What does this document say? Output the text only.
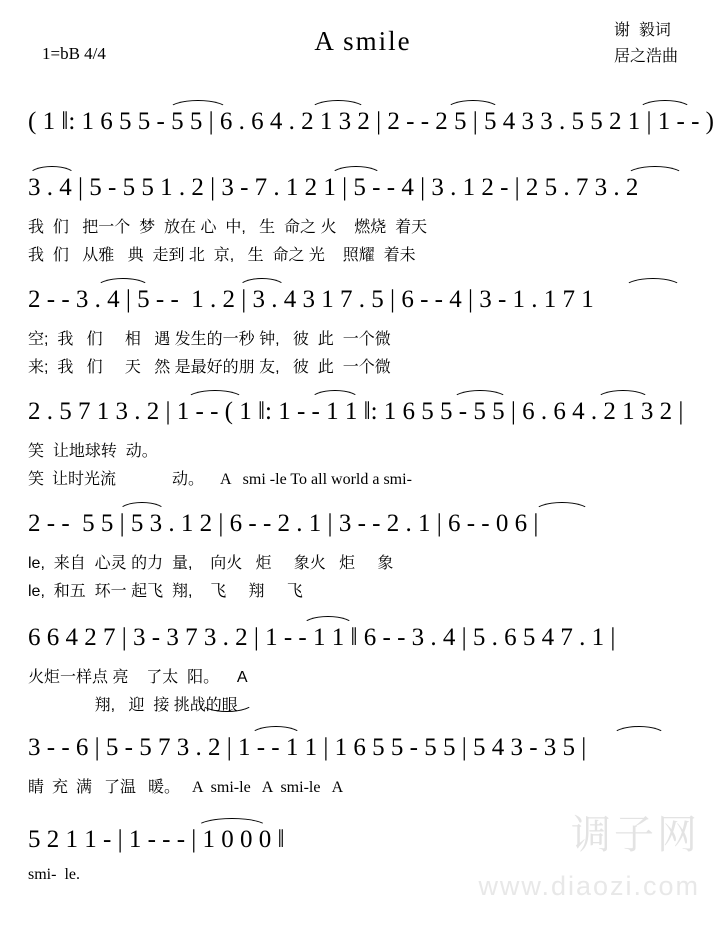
A smile
1=bB 4/4
谢  毅词
居之浩曲
( 1 ‖: 1 6 5 5 - 5 5 | 6 . 6 4 . 2 1 3 2 | 2 - - 2 5 | 5 4 3 3 . 5 5 2 1 | 1 - - )
3 . 4 | 5 - 5 5 1 . 2 | 3 - 7 . 1 2 1 | 5 - - 4 | 3 . 1 2 - | 2 5 . 7 3 . 2
我  们   把一个  梦  放在 心  中,   生  命之 火    燃烧  着天
我  们   从雅   典  走到 北  京,   生  命之 光    照耀  着未
2 - - 3 . 4 | 5 - -  1 . 2 | 3 . 4 3 1 7 . 5 | 6 - - 4 | 3 - 1 . 1 7 1
空;  我   们     相   遇 发生的一秒 钟,   彼  此  一个微
来;  我   们     天   然 是最好的朋 友,   彼  此  一个微
2 . 5 7 1 3 . 2 | 1 - - ( 1 ‖: 1 - - 1 1 ‖: 1 6 5 5 - 5 5 | 6 . 6 4 . 2 1 3 2 |
笑  让地球转  动。
笑  让时光流              动。    A   smi -le To all world a smi-
2 - -  5 5 | 5 3 . 1 2 | 6 - - 2 . 1 | 3 - - 2 . 1 | 6 - - 0 6 |
le,  来自  心灵 的力  量,    向火   炬     象火   炬     象
le,  和五  环一 起飞  翔,    飞     翔     飞
6 6 4 2 7 | 3 - 3 7 3 . 2 | 1 - - 1 1 ‖ 6 - - 3 . 4 | 5 . 6 5 4 7 . 1 |
火炬一样点 亮    了太  阳。    A
翔,   迎  接 挑战的眼
3 - - 6 | 5 - 5 7 3 . 2 | 1 - - 1 1 | 1 6 5 5 - 5 5 | 5 4 3 - 3 5 |
睛  充  满   了温   暖。   A  smi-le   A  smi-le   A
5 2 1 1 - | 1 - - - | 1 0 0 0 ‖
smi-  le.
调子网
www.diaozi.com
